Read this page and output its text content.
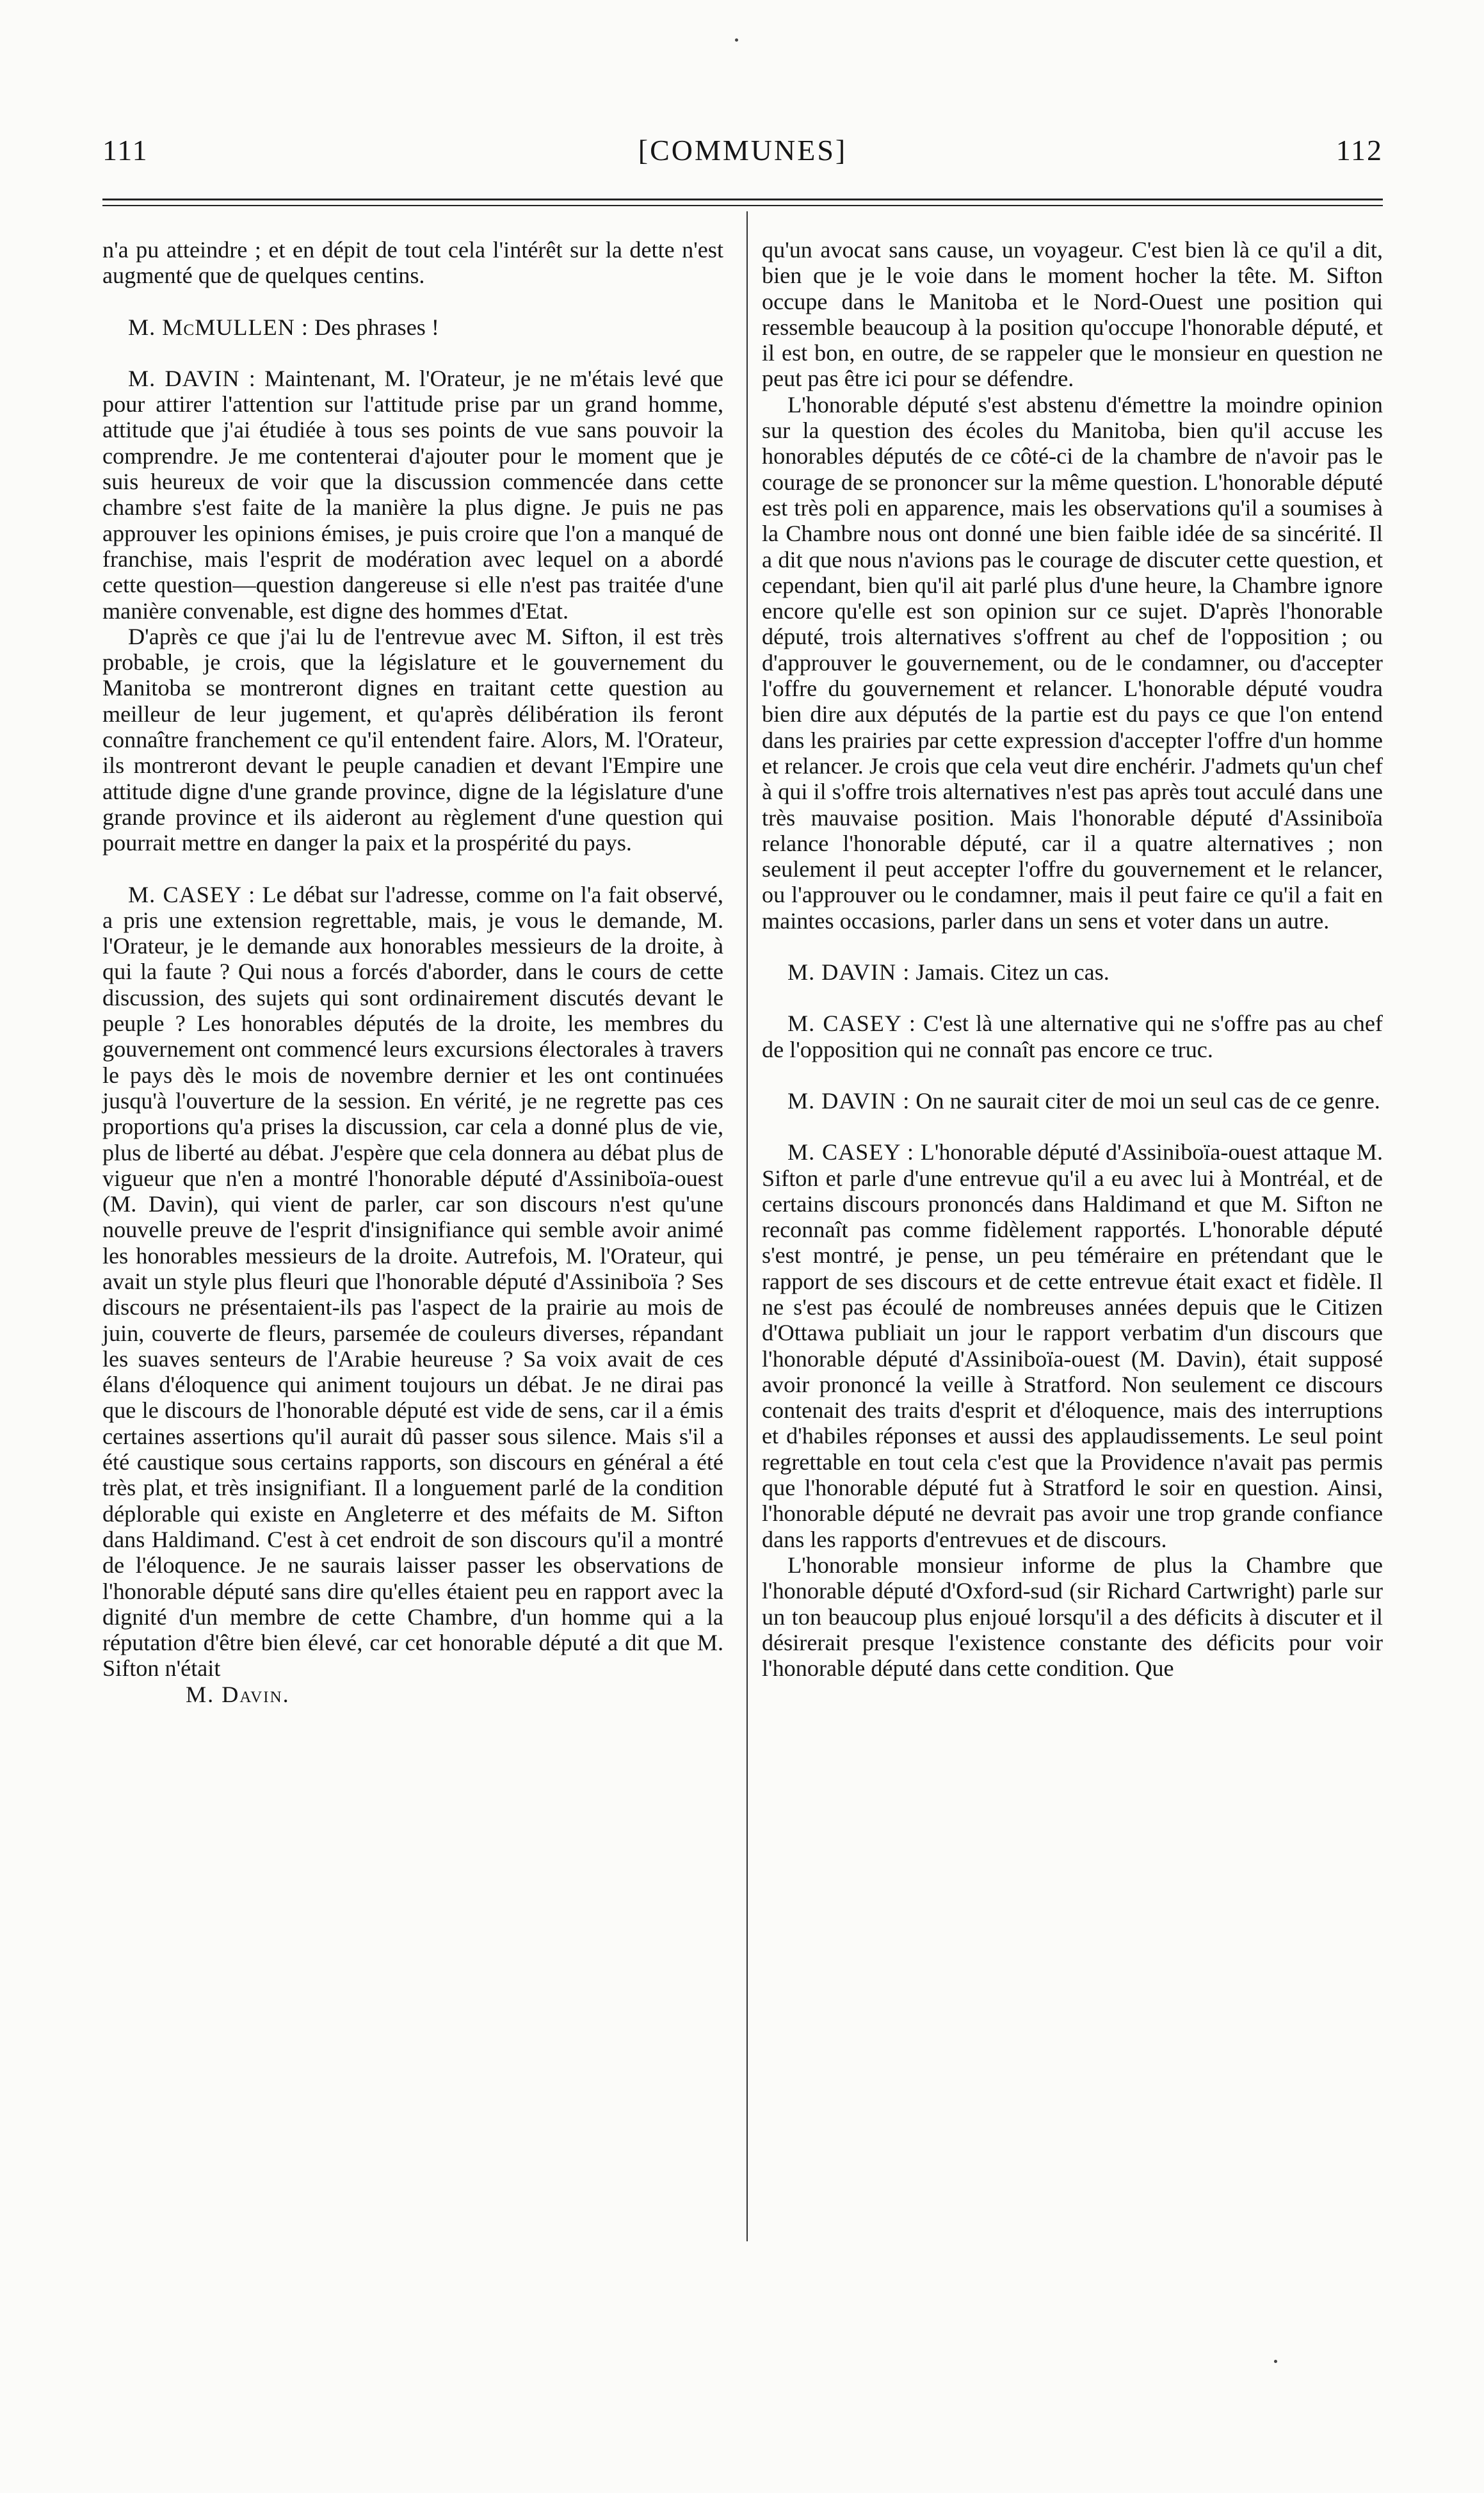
111	[COMMUNES]	112

n'a pu atteindre ; et en dépit de tout cela l'intérêt sur la dette n'est augmenté que de quelques centins.

M. McMULLEN : Des phrases !

M. DAVIN : Maintenant, M. l'Orateur, je ne m'étais levé que pour attirer l'attention sur l'attitude prise par un grand homme, attitude que j'ai étudiée à tous ses points de vue sans pouvoir la comprendre. Je me contenterai d'ajouter pour le moment que je suis heureux de voir que la discussion commencée dans cette chambre s'est faite de la manière la plus digne. Je puis ne pas approuver les opinions émises, je puis croire que l'on a manqué de franchise, mais l'esprit de modération avec lequel on a abordé cette question—question dangereuse si elle n'est pas traitée d'une manière convenable, est digne des hommes d'Etat.

D'après ce que j'ai lu de l'entrevue avec M. Sifton, il est très probable, je crois, que la législature et le gouvernement du Manitoba se montreront dignes en traitant cette question au meilleur de leur jugement, et qu'après délibération ils feront connaître franchement ce qu'il entendent faire. Alors, M. l'Orateur, ils montreront devant le peuple canadien et devant l'Empire une attitude digne d'une grande province, digne de la législature d'une grande province et ils aideront au règlement d'une question qui pourrait mettre en danger la paix et la prospérité du pays.

M. CASEY : Le débat sur l'adresse, comme on l'a fait observé, a pris une extension regrettable, mais, je vous le demande, M. l'Orateur, je le demande aux honorables messieurs de la droite, à qui la faute ? Qui nous a forcés d'aborder, dans le cours de cette discussion, des sujets qui sont ordinairement discutés devant le peuple ? Les honorables députés de la droite, les membres du gouvernement ont commencé leurs excursions électorales à travers le pays dès le mois de novembre dernier et les ont continuées jusqu'à l'ouverture de la session. En vérité, je ne regrette pas ces proportions qu'a prises la discussion, car cela a donné plus de vie, plus de liberté au débat. J'espère que cela donnera au débat plus de vigueur que n'en a montré l'honorable député d'Assiniboïa-ouest (M. Davin), qui vient de parler, car son discours n'est qu'une nouvelle preuve de l'esprit d'insignifiance qui semble avoir animé les honorables messieurs de la droite. Autrefois, M. l'Orateur, qui avait un style plus fleuri que l'honorable député d'Assiniboïa ? Ses discours ne présentaient-ils pas l'aspect de la prairie au mois de juin, couverte de fleurs, parsemée de couleurs diverses, répandant les suaves senteurs de l'Arabie heureuse ? Sa voix avait de ces élans d'éloquence qui animent toujours un débat. Je ne dirai pas que le discours de l'honorable député est vide de sens, car il a émis certaines assertions qu'il aurait dû passer sous silence. Mais s'il a été caustique sous certains rapports, son discours en général a été très plat, et très insignifiant. Il a longuement parlé de la condition déplorable qui existe en Angleterre et des méfaits de M. Sifton dans Haldimand. C'est à cet endroit de son discours qu'il a montré de l'éloquence. Je ne saurais laisser passer les observations de l'honorable député sans dire qu'elles étaient peu en rapport avec la dignité d'un membre de cette Chambre, d'un homme qui a la réputation d'être bien élevé, car cet honorable député a dit que M. Sifton n'était

M. Davin.

qu'un avocat sans cause, un voyageur. C'est bien là ce qu'il a dit, bien que je le voie dans le moment hocher la tête. M. Sifton occupe dans le Manitoba et le Nord-Ouest une position qui ressemble beaucoup à la position qu'occupe l'honorable député, et il est bon, en outre, de se rappeler que le monsieur en question ne peut pas être ici pour se défendre.

L'honorable député s'est abstenu d'émettre la moindre opinion sur la question des écoles du Manitoba, bien qu'il accuse les honorables députés de ce côté-ci de la chambre de n'avoir pas le courage de se prononcer sur la même question. L'honorable député est très poli en apparence, mais les observations qu'il a soumises à la Chambre nous ont donné une bien faible idée de sa sincérité. Il a dit que nous n'avions pas le courage de discuter cette question, et cependant, bien qu'il ait parlé plus d'une heure, la Chambre ignore encore qu'elle est son opinion sur ce sujet. D'après l'honorable député, trois alternatives s'offrent au chef de l'opposition ; ou d'approuver le gouvernement, ou de le condamner, ou d'accepter l'offre du gouvernement et relancer. L'honorable député voudra bien dire aux députés de la partie est du pays ce que l'on entend dans les prairies par cette expression d'accepter l'offre d'un homme et relancer. Je crois que cela veut dire enchérir. J'admets qu'un chef à qui il s'offre trois alternatives n'est pas après tout acculé dans une très mauvaise position. Mais l'honorable député d'Assiniboïa relance l'honorable député, car il a quatre alternatives ; non seulement il peut accepter l'offre du gouvernement et le relancer, ou l'approuver ou le condamner, mais il peut faire ce qu'il a fait en maintes occasions, parler dans un sens et voter dans un autre.

M. DAVIN : Jamais. Citez un cas.

M. CASEY : C'est là une alternative qui ne s'offre pas au chef de l'opposition qui ne connaît pas encore ce truc.

M. DAVIN : On ne saurait citer de moi un seul cas de ce genre.

M. CASEY : L'honorable député d'Assiniboïa-ouest attaque M. Sifton et parle d'une entrevue qu'il a eu avec lui à Montréal, et de certains discours prononcés dans Haldimand et que M. Sifton ne reconnaît pas comme fidèlement rapportés. L'honorable député s'est montré, je pense, un peu téméraire en prétendant que le rapport de ses discours et de cette entrevue était exact et fidèle. Il ne s'est pas écoulé de nombreuses années depuis que le Citizen d'Ottawa publiait un jour le rapport verbatim d'un discours que l'honorable député d'Assiniboïa-ouest (M. Davin), était supposé avoir prononcé la veille à Stratford. Non seulement ce discours contenait des traits d'esprit et d'éloquence, mais des interruptions et d'habiles réponses et aussi des applaudissements. Le seul point regrettable en tout cela c'est que la Providence n'avait pas permis que l'honorable député fut à Stratford le soir en question. Ainsi, l'honorable député ne devrait pas avoir une trop grande confiance dans les rapports d'entrevues et de discours.

L'honorable monsieur informe de plus la Chambre que l'honorable député d'Oxford-sud (sir Richard Cartwright) parle sur un ton beaucoup plus enjoué lorsqu'il a des déficits à discuter et il désirerait presque l'existence constante des déficits pour voir l'honorable député dans cette condition. Que
